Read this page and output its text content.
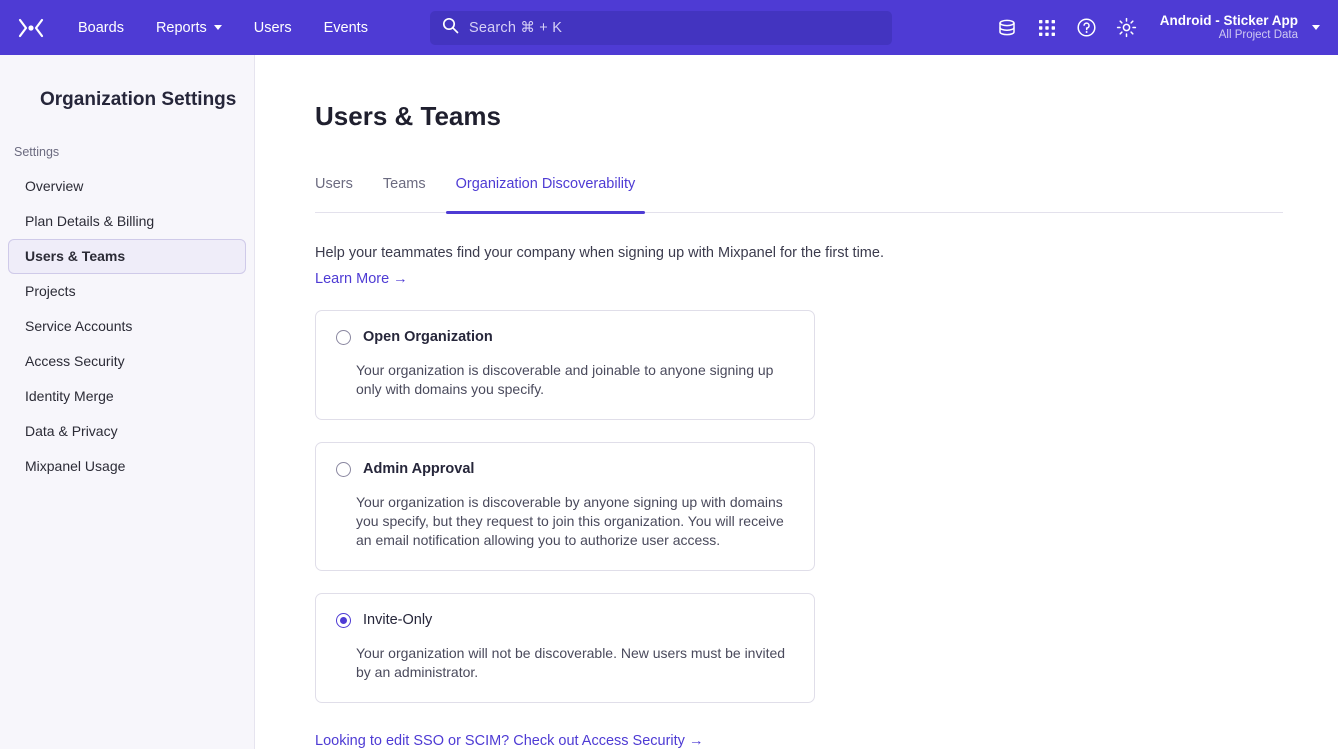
Boards Reports	Users Events	Search ⌘ + K	Android - Sticker App
All Project Data
Organization Settings
Settings
Overview
Plan Details & Billing
Users & Teams
Projects
Service Accounts
Access Security
Identity Merge
Data & Privacy
Mixpanel Usage
Users & Teams
Users Teams Organization Discoverability

Help your teammates find your company when signing up with Mixpanel for the first time.

Learn More →
Open Organization
Your organization is discoverable and joinable to anyone signing up only with domains you specify.
Admin Approval
Your organization is discoverable by anyone signing up with domains you specify, but they request to join this organization. You will receive an email notification allowing you to authorize user access.
Invite-Only
Your organization will not be discoverable. New users must be invited by an administrator.
Looking to edit SSO or SCIM? Check out Access Security →
